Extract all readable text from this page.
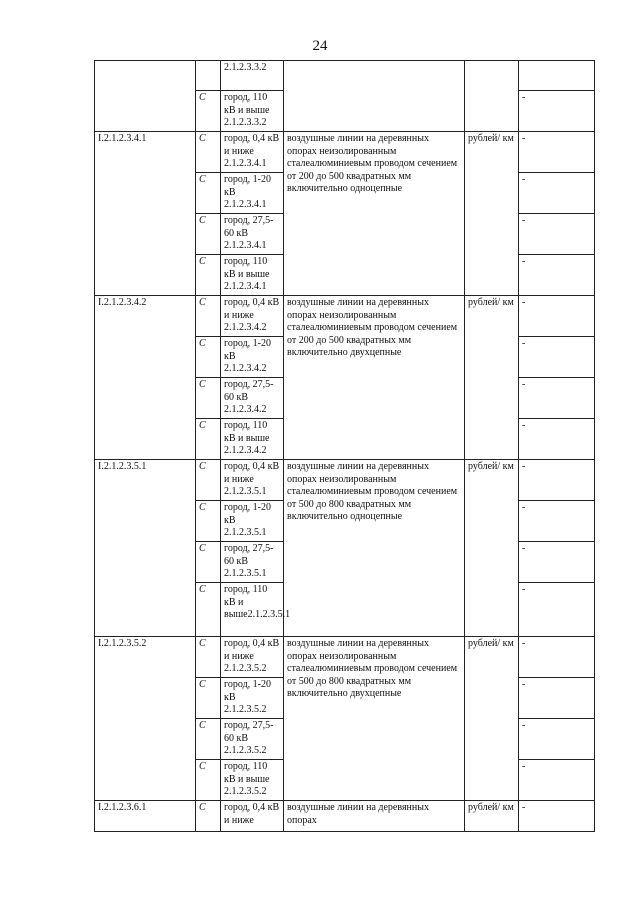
24
		2.1.2.3.3.2			
	С	город, 110 кВ и выше 2.1.2.3.3.2			-
I.2.1.2.3.4.1	С	город, 0,4 кВ и ниже 2.1.2.3.4.1	воздушные линии на деревянных опорах неизолированным сталеалюминиевым проводом сечением от 200 до 500 квадратных мм включительно одноцепные	рублей/ км	-
	С	город, 1-20 кВ 2.1.2.3.4.1			-
	С	город, 27,5-60 кВ 2.1.2.3.4.1			-
	С	город, 110 кВ и выше 2.1.2.3.4.1			-
I.2.1.2.3.4.2	С	город, 0,4 кВ и ниже 2.1.2.3.4.2	воздушные линии на деревянных опорах неизолированным сталеалюминиевым проводом сечением от 200 до 500 квадратных мм включительно двухцепные	рублей/ км	-
	С	город, 1-20 кВ 2.1.2.3.4.2			-
	С	город, 27,5-60 кВ 2.1.2.3.4.2			-
	С	город, 110 кВ и выше 2.1.2.3.4.2			-
I.2.1.2.3.5.1	С	город, 0,4 кВ и ниже 2.1.2.3.5.1	воздушные линии на деревянных опорах неизолированным сталеалюминиевым проводом сечением от 500 до 800 квадратных мм включительно одноцепные	рублей/ км	-
	С	город, 1-20 кВ 2.1.2.3.5.1			-
	С	город, 27,5-60 кВ 2.1.2.3.5.1			-
	С	город, 110 кВ и выше2.1.2.3.5.1			-
I.2.1.2.3.5.2	С	город, 0,4 кВ и ниже 2.1.2.3.5.2	воздушные линии на деревянных опорах неизолированным сталеалюминиевым проводом сечением от 500 до 800 квадратных мм включительно двухцепные	рублей/ км	-
	С	город, 1-20 кВ 2.1.2.3.5.2			-
	С	город, 27,5-60 кВ 2.1.2.3.5.2			-
	С	город, 110 кВ и выше 2.1.2.3.5.2			-
I.2.1.2.3.6.1	С	город, 0,4 кВ и ниже	воздушные линии на деревянных опорах	рублей/ км	-
